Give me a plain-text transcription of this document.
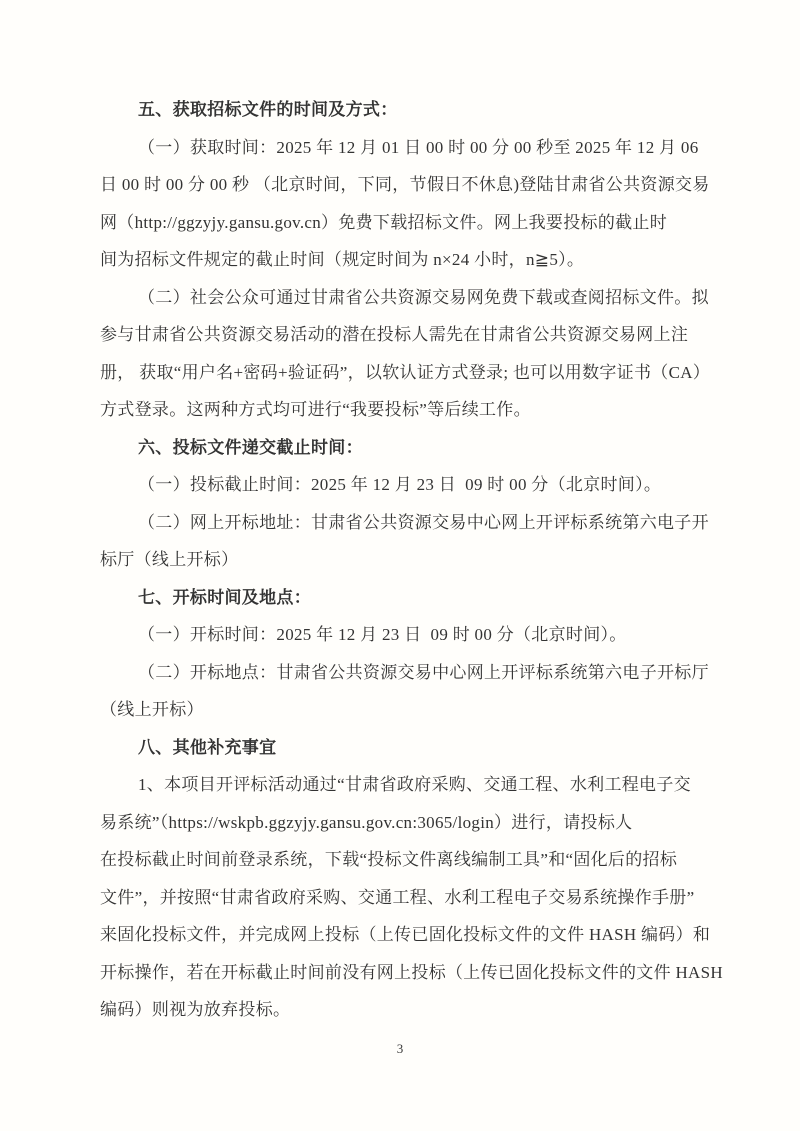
五、获取招标文件的时间及方式：
（一）获取时间：2025 年 12 月 01 日 00 时 00 分 00 秒至 2025 年 12 月 06
日 00 时 00 分 00 秒 （北京时间，下同，节假日不休息)登陆甘肃省公共资源交易
网（http://ggzyjy.gansu.gov.cn）免费下载招标文件。网上我要投标的截止时
间为招标文件规定的截止时间（规定时间为 n×24 小时，n≧5）。
（二）社会公众可通过甘肃省公共资源交易网免费下载或查阅招标文件。拟
参与甘肃省公共资源交易活动的潜在投标人需先在甘肃省公共资源交易网上注
册， 获取“用户名+密码+验证码”，以软认证方式登录; 也可以用数字证书（CA）
方式登录。这两种方式均可进行“我要投标”等后续工作。
六、投标文件递交截止时间：
（一）投标截止时间：2025 年 12 月 23 日  09 时 00 分（北京时间）。
（二）网上开标地址：甘肃省公共资源交易中心网上开评标系统第六电子开
标厅（线上开标）
七、开标时间及地点：
（一）开标时间：2025 年 12 月 23 日  09 时 00 分（北京时间）。
（二）开标地点：甘肃省公共资源交易中心网上开评标系统第六电子开标厅
（线上开标）
八、其他补充事宜
1、本项目开评标活动通过“甘肃省政府采购、交通工程、水利工程电子交
易系统”（https://wskpb.ggzyjy.gansu.gov.cn:3065/login）进行，请投标人
在投标截止时间前登录系统，下载“投标文件离线编制工具”和“固化后的招标
文件”，并按照“甘肃省政府采购、交通工程、水利工程电子交易系统操作手册”
来固化投标文件，并完成网上投标（上传已固化投标文件的文件 HASH 编码）和
开标操作，若在开标截止时间前没有网上投标（上传已固化投标文件的文件 HASH
编码）则视为放弃投标。
3
